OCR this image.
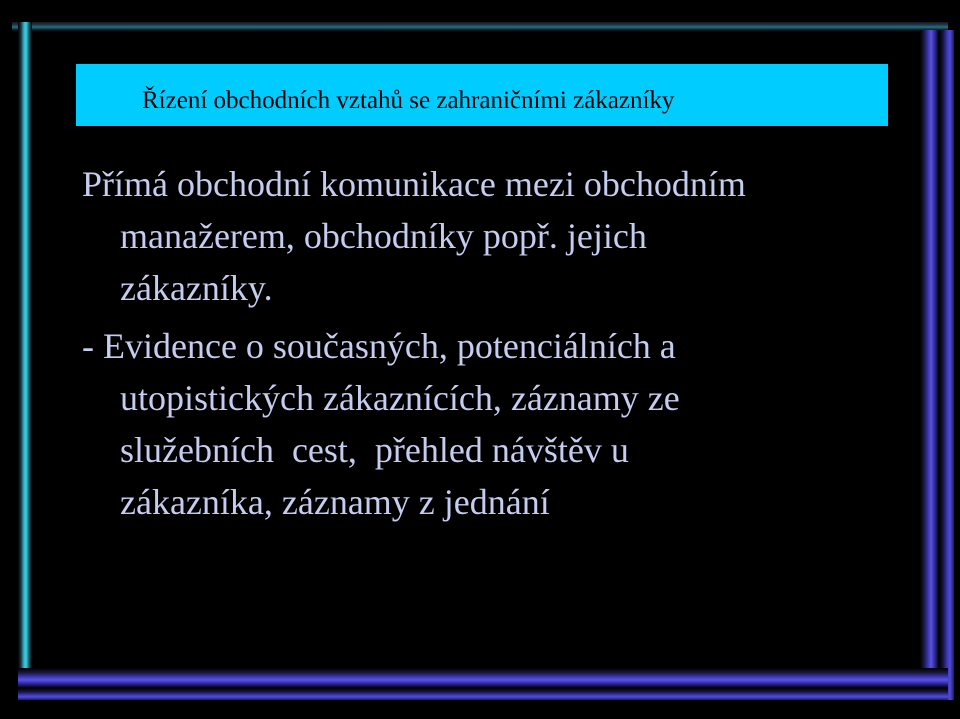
Řízení obchodních vztahů se zahraničními zákazníky

Přímá obchodní komunikace mezi obchodním
manažerem, obchodníky popř. jejich
zákazníky.

- Evidence o současných, potenciálních a
utopistických zákaznících, záznamy ze
služebních  cest,  přehled návštěv u
zákazníka, záznamy z jednání
